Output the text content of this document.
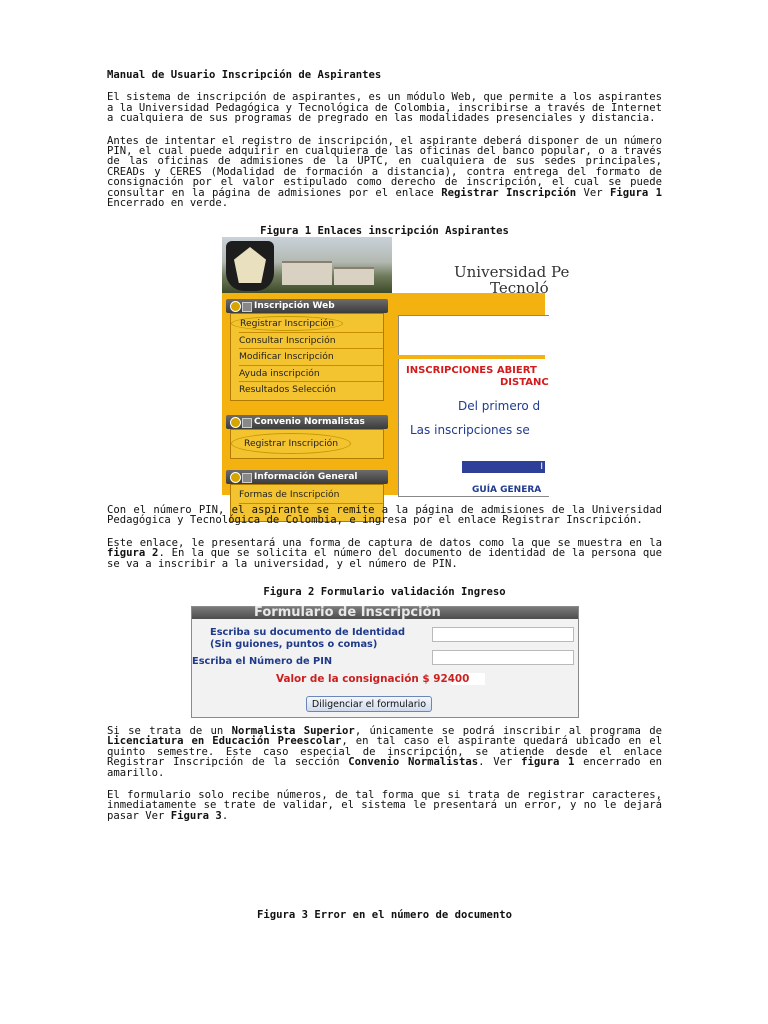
Manual de Usuario Inscripción de Aspirantes

El sistema de inscripción de aspirantes, es un módulo Web, que permite a los aspirantes a la Universidad Pedagógica y Tecnológica de Colombia, inscribirse a través de Internet a cualquiera de sus programas de pregrado en las modalidades presenciales y distancia.

Antes de intentar el registro de inscripción, el aspirante deberá disponer de un número PIN, el cual puede adquirir en cualquiera de las oficinas del banco popular, o a través de las oficinas de admisiones de la UPTC, en cualquiera de sus sedes principales, CREADs y CERES (Modalidad de formación a distancia), contra entrega del formato de consignación por el valor estipulado como derecho de inscripción, el cual se puede consultar en la página de admisiones por el enlace Registrar Inscripción Ver Figura 1 Encerrado en verde.

Figura 1 Enlaces inscripción Aspirantes

Universidad Pe
Tecnoló
Inscripción Web
Registrar Inscripción
Consultar Inscripción
Modificar Inscripción
Ayuda inscripción
Resultados Selección
Convenio Normalistas
Registrar Inscripción
Información General
Formas de Inscripción
INSCRIPCIONES ABIERT
DISTANC
Del primero d
Las inscripciones se
I
GUÍA GENERA

Con el número PIN, el aspirante se remite a la página de admisiones de la Universidad Pedagógica y Tecnológica de Colombia, e ingresa por el enlace Registrar Inscripción.

Este enlace, le presentará una forma de captura de datos como la que se muestra en la figura 2. En la que se solicita el número del documento de identidad de la persona que se va a inscribir a la universidad, y el número de PIN.

Figura 2 Formulario validación Ingreso

Formulario de Inscripción
Escriba su documento de Identidad
(Sin guiones, puntos o comas)
Escriba el Número de PIN
Valor de la consignación $ 92400
Diligenciar el formulario

Si se trata de un Normalista Superior, únicamente se podrá inscribir al programa de Licenciatura en Educación Preescolar, en tal caso el aspirante quedará ubicado en el quinto semestre. Este caso especial de inscripción, se atiende desde el enlace Registrar Inscripción de la sección Convenio Normalistas. Ver figura 1 encerrado en amarillo.

El formulario solo recibe números, de tal forma que si trata de registrar caracteres, inmediatamente se trate de validar, el sistema le presentará un error, y no le dejará pasar Ver Figura 3.

Figura 3 Error en el número de documento
